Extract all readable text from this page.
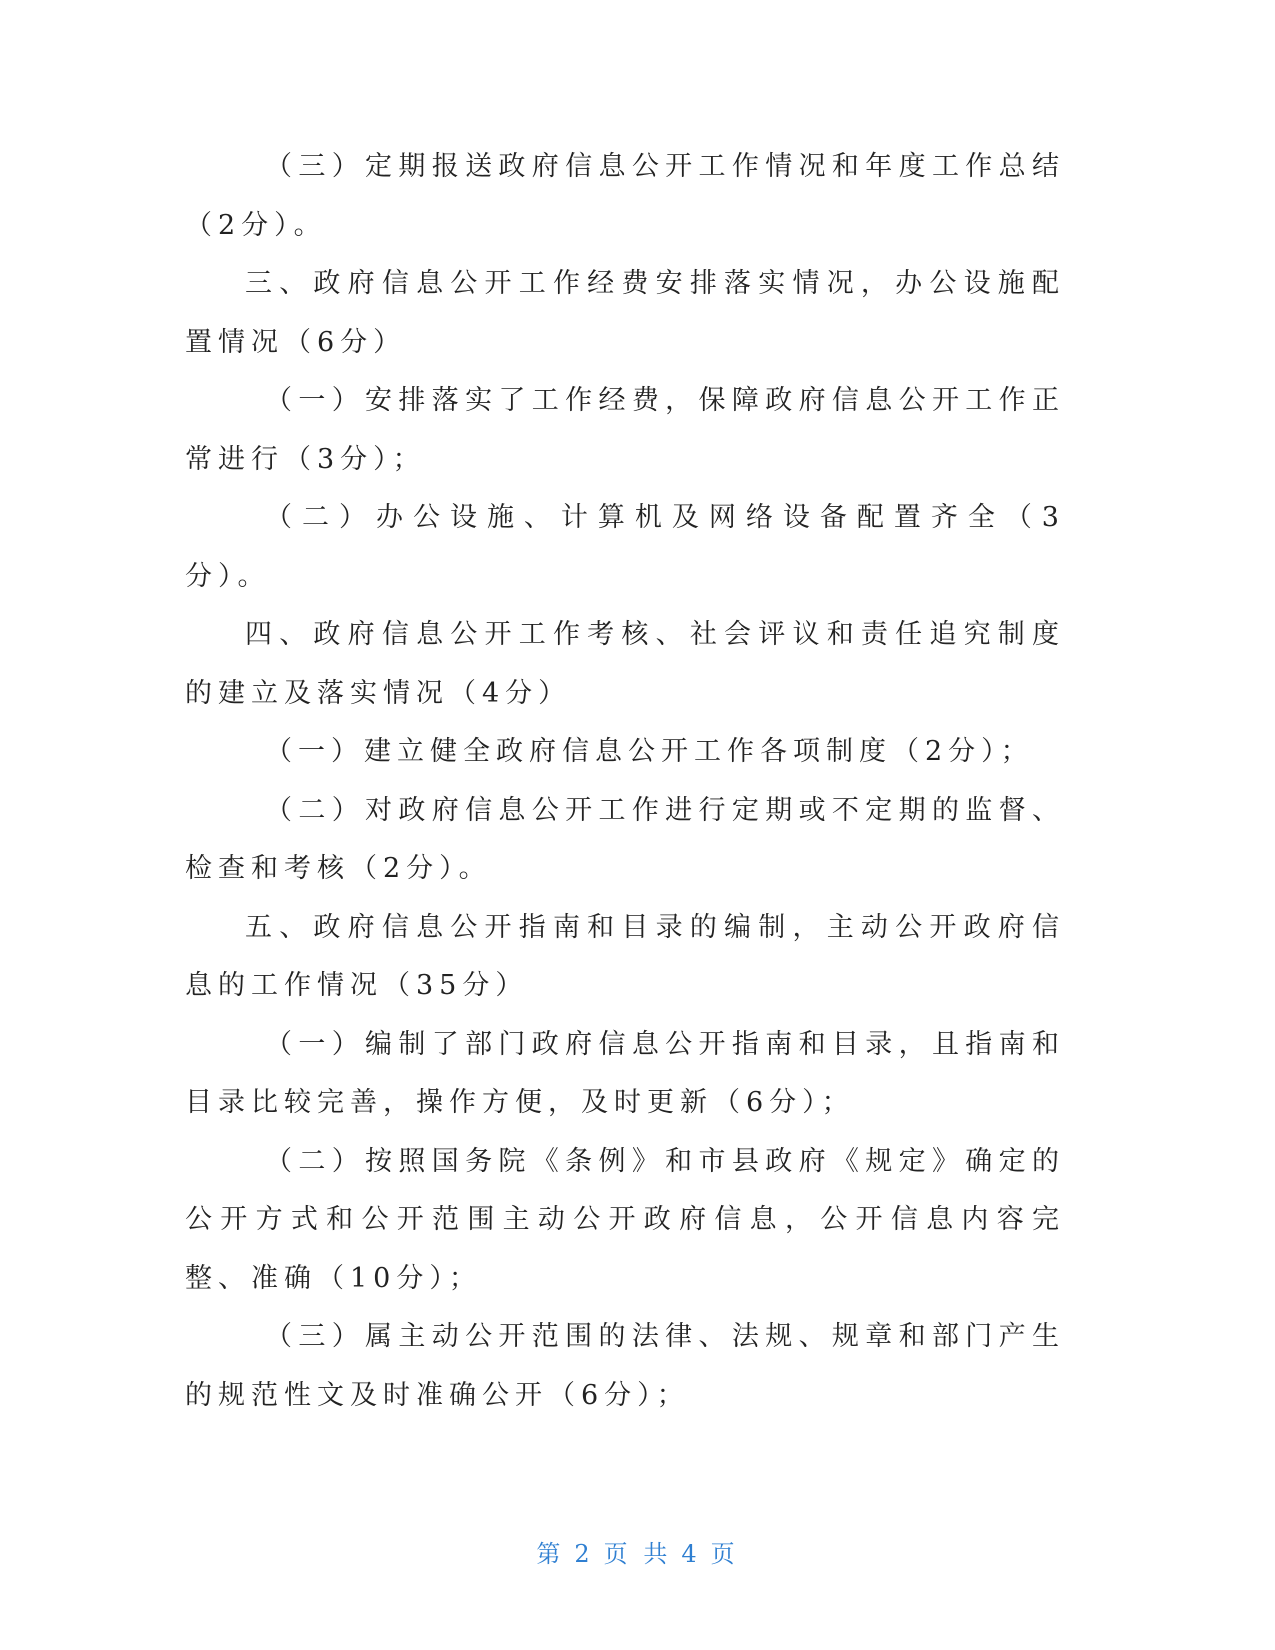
（三）定期报送政府信息公开工作情况和年度工作总结（2分）。

三、政府信息公开工作经费安排落实情况，办公设施配置情况（6分）

（一）安排落实了工作经费，保障政府信息公开工作正常进行（3分）；

（二）办公设施、计算机及网络设备配置齐全（3分）。

四、政府信息公开工作考核、社会评议和责任追究制度的建立及落实情况（4分）

（一）建立健全政府信息公开工作各项制度（2分）；

（二）对政府信息公开工作进行定期或不定期的监督、检查和考核（2分）。

五、政府信息公开指南和目录的编制，主动公开政府信息的工作情况（35分）

（一）编制了部门政府信息公开指南和目录，且指南和目录比较完善，操作方便，及时更新（6分）；

（二）按照国务院《条例》和市县政府《规定》确定的公开方式和公开范围主动公开政府信息，公开信息内容完整、准确（10分）；

（三）属主动公开范围的法律、法规、规章和部门产生的规范性文及时准确公开（6分）；

第 2 页 共 4 页
